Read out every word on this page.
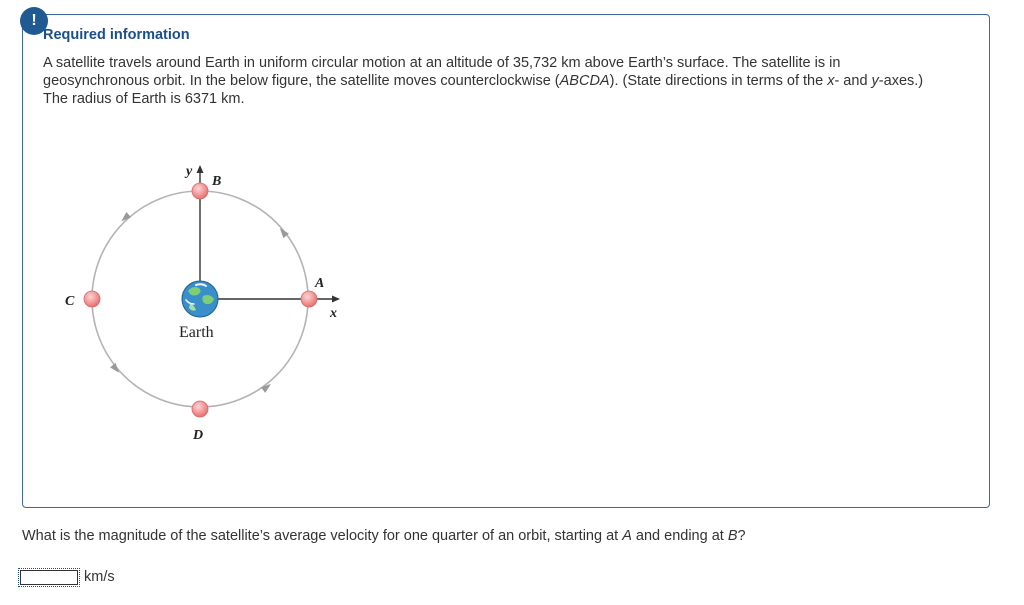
!
Required information

A satellite travels around Earth in uniform circular motion at an altitude of 35,732 km above Earth’s surface. The satellite is in geosynchronous orbit. In the below figure, the satellite moves counterclockwise (ABCDA). (State directions in terms of the x- and y-axes.) The radius of Earth is 6371 km.

A
B
C
D
Earth
x
y

What is the magnitude of the satellite’s average velocity for one quarter of an orbit, starting at A and ending at B?

km/s
